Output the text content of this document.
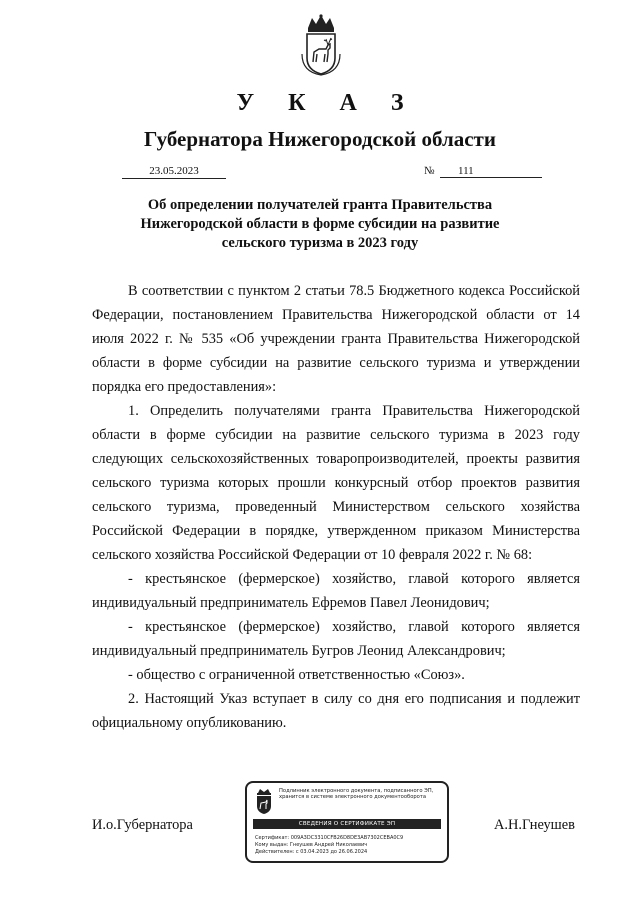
У К А З
Губернатора Нижегородской области
23.05.2023	№	111
Об определении получателей гранта Правительства
Нижегородской области в форме субсидии на развитие
сельского туризма в 2023 году

В соответствии с пунктом 2 статьи 78.5 Бюджетного кодекса Российской Федерации, постановлением Правительства Нижегородской области от 14 июля 2022 г. № 535 «Об учреждении гранта Правительства Нижегородской области в форме субсидии на развитие сельского туризма и утверждении порядка его предоставления»:

1. Определить получателями гранта Правительства Нижегородской области в форме субсидии на развитие сельского туризма в 2023 году следующих сельскохозяйственных товаропроизводителей, проекты развития сельского туризма которых прошли конкурсный отбор проектов развития сельского туризма, проведенный Министерством сельского хозяйства Российской Федерации в порядке, утвержденном приказом Министерства сельского хозяйства Российской Федерации от 10 февраля 2022 г. № 68:

- крестьянское (фермерское) хозяйство, главой которого является индивидуальный предприниматель Ефремов Павел Леонидович;

- крестьянское (фермерское) хозяйство, главой которого является индивидуальный предприниматель Бугров Леонид Александрович;

- общество с ограниченной ответственностью «Союз».

2. Настоящий Указ вступает в силу со дня его подписания и подлежит официальному опубликованию.

И.о.Губернатора	А.Н.Гнеушев
Подлинник электронного документа, подписанного ЭП,
хранится в системе электронного документооборота
СВЕДЕНИЯ О СЕРТИФИКАТЕ ЭП
Сертификат: 009A3DC3310CFB26D8DE3AB7302CEBA0C9
Кому выдан: Гнеушев Андрей Николаевич
Действителен: с 03.04.2023 до 26.06.2024
